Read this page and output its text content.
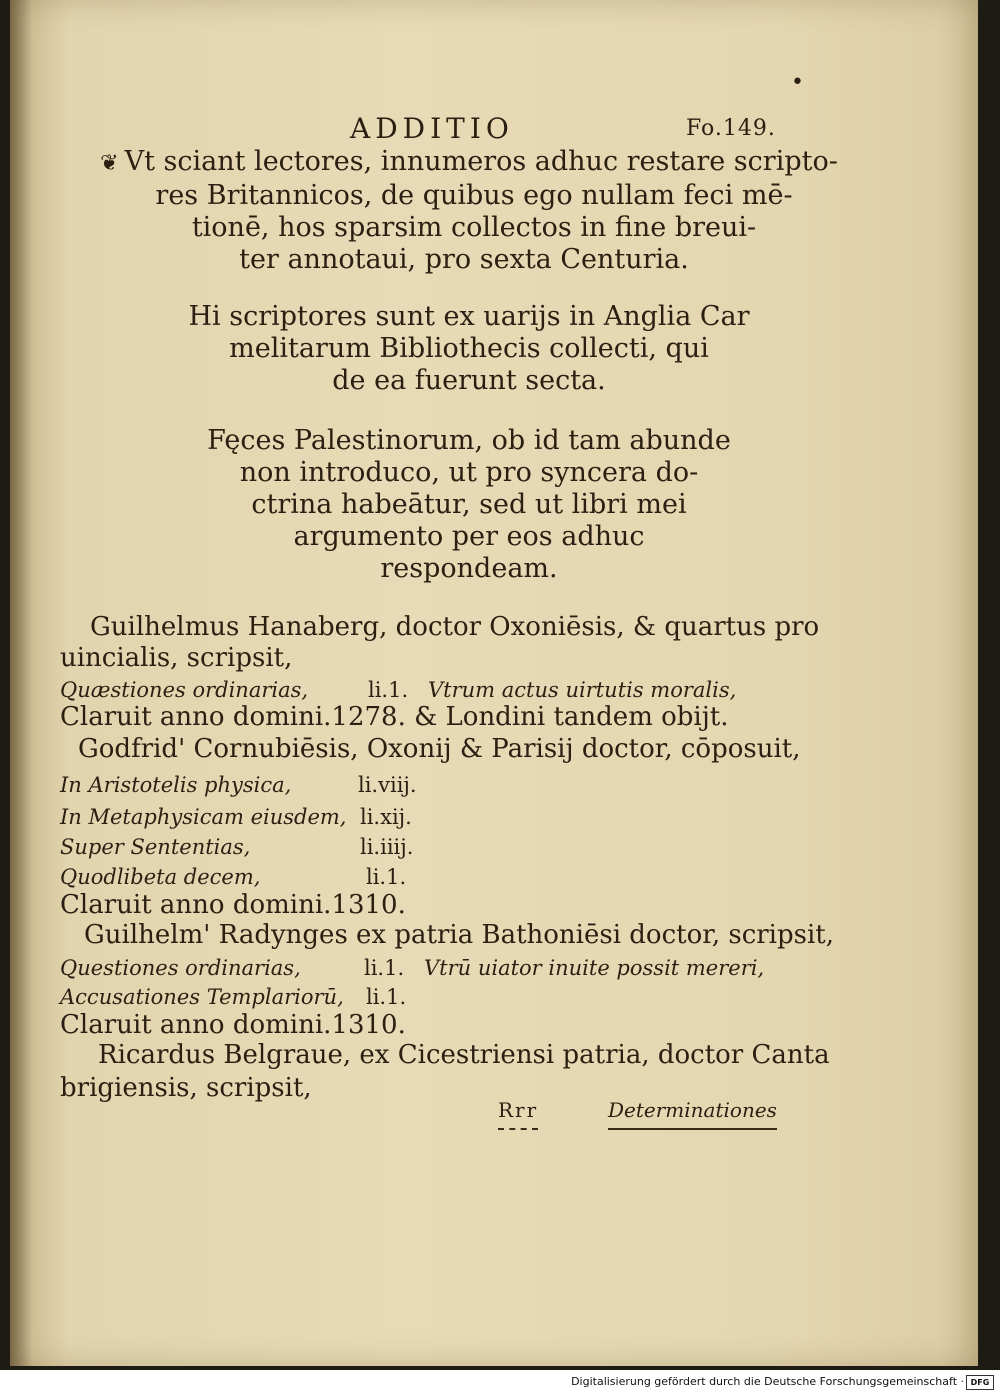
•
ADDITIO	Fo.149.
❦ Vt sciant lectores, innumeros adhuc restare scripto-
res Britannicos, de quibus ego nullam feci mē-
tionē, hos sparsim collectos in fine breui-
ter annotaui, pro sexta Centuria.
Hi scriptores sunt ex uarijs in Anglia Car
melitarum Bibliothecis collecti, qui
de ea fuerunt secta.
Fęces Palestinorum, ob id tam abunde
non introduco, ut pro syncera do-
ctrina habeātur, sed ut libri mei
argumento per eos adhuc
respondeam.
Guilhelmus Hanaberg, doctor Oxoniēsis, & quartus pro
uincialis, scripsit,
Quæstiones ordinarias,	li.1. Vtrum actus uirtutis moralis,
Claruit anno domini.1278. & Londini tandem obijt.
Godfrid' Cornubiēsis, Oxonij & Parisij doctor, cōposuit,
In Aristotelis physica,	li.viij.
In Metaphysicam eiusdem, li.xij.
Super Sententias,	li.iiij.
Quodlibeta decem,	li.1.
Claruit anno domini.1310.
Guilhelm' Radynges ex patria Bathoniēsi doctor, scripsit,
Questiones ordinarias,	li.1. Vtrū uiator inuite possit mereri,
Accusationes Templariorū, li.1.
Claruit anno domini.1310.
Ricardus Belgraue, ex Cicestriensi patria, doctor Canta
brigiensis, scripsit,
Rrr	Determinationes
Digitalisierung gefördert durch die Deutsche Forschungsgemeinschaft · DFG
